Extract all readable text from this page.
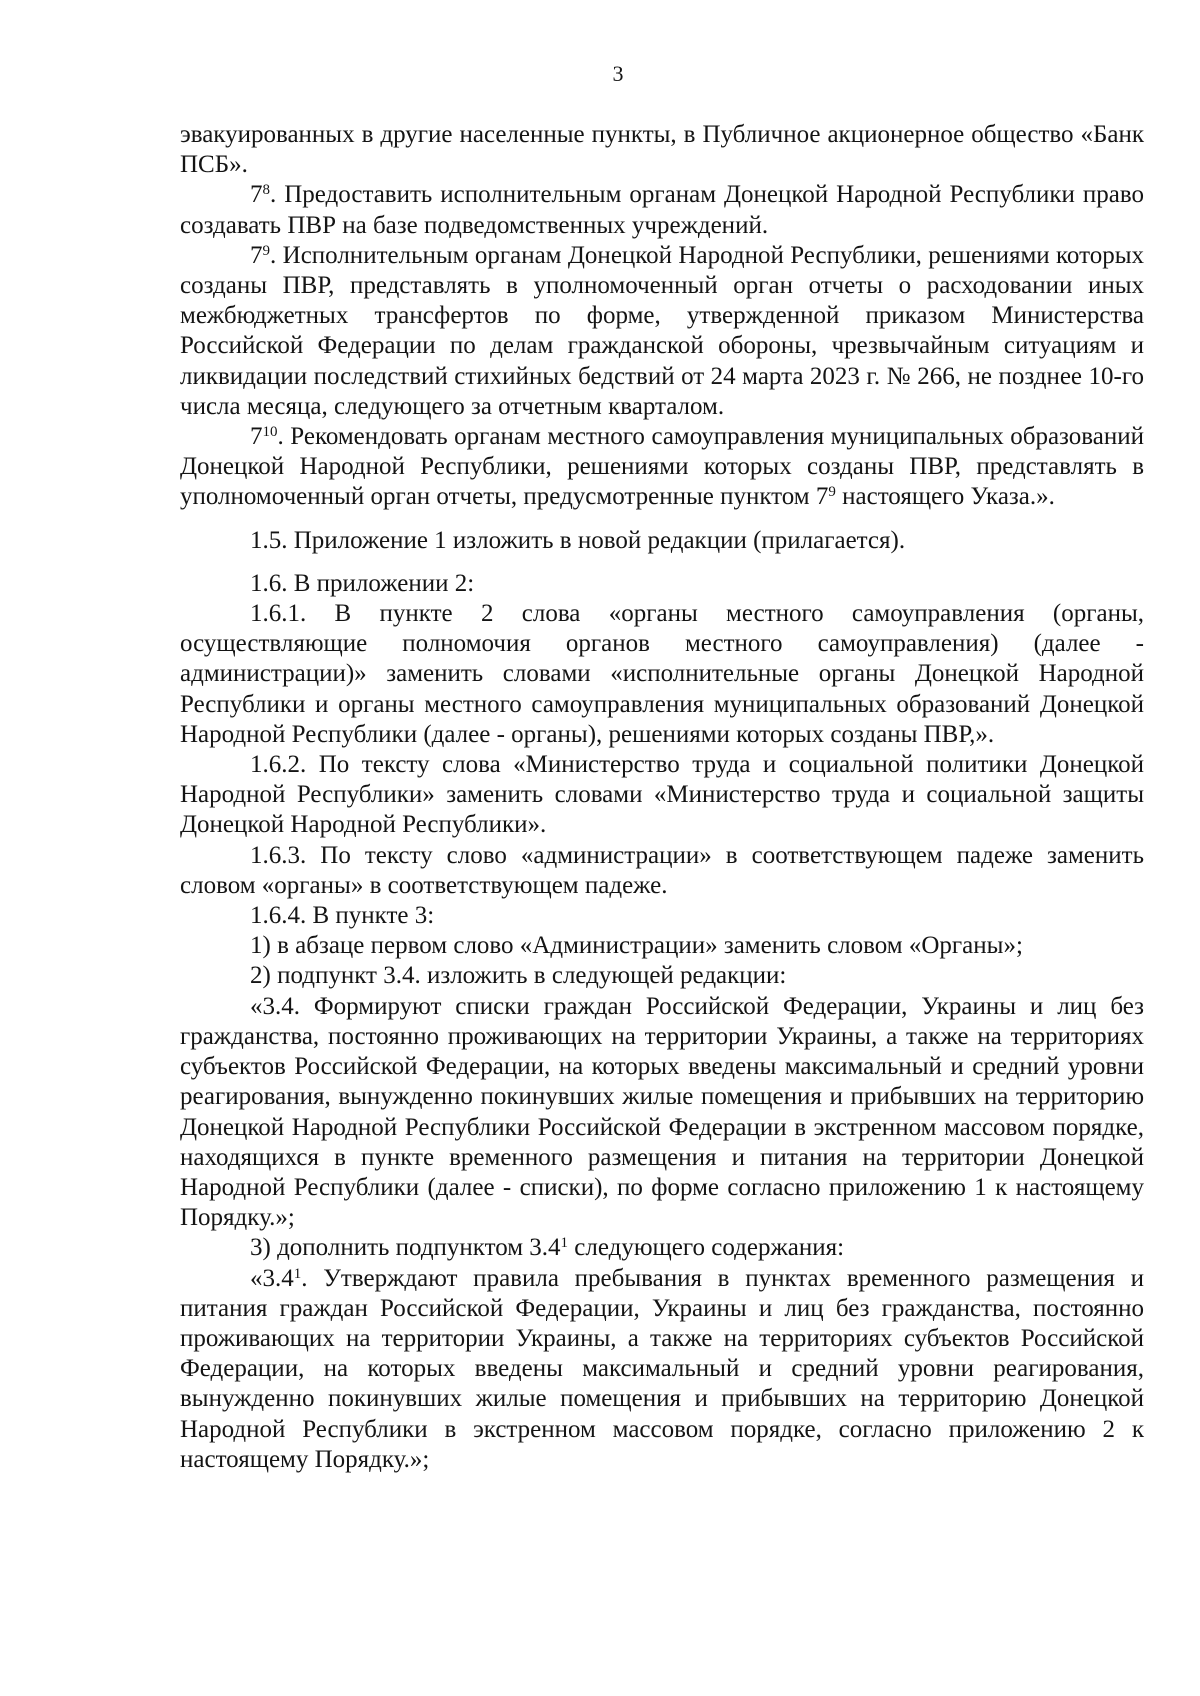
3

эвакуированных в другие населенные пункты, в Публичное акционерное общество «Банк ПСБ».

$7^8$. Предоставить исполнительным органам Донецкой Народной Республики право создавать ПВР на базе подведомственных учреждений.

$7^9$. Исполнительным органам Донецкой Народной Республики, решениями которых созданы ПВР, представлять в уполномоченный орган отчеты о расходовании иных межбюджетных трансфертов по форме, утвержденной приказом Министерства Российской Федерации по делам гражданской обороны, чрезвычайным ситуациям и ликвидации последствий стихийных бедствий от 24 марта 2023 г. № 266, не позднее 10-го числа месяца, следующего за отчетным кварталом.

$7^{10}$. Рекомендовать органам местного самоуправления муниципальных образований Донецкой Народной Республики, решениями которых созданы ПВР, представлять в уполномоченный орган отчеты, предусмотренные пунктом $7^9$ настоящего Указа.».

1.5. Приложение 1 изложить в новой редакции (прилагается).

1.6. В приложении 2:

1.6.1. В пункте 2 слова «органы местного самоуправления (органы, осуществляющие полномочия органов местного самоуправления) (далее - администрации)» заменить словами «исполнительные органы Донецкой Народной Республики и органы местного самоуправления муниципальных образований Донецкой Народной Республики (далее - органы), решениями которых созданы ПВР,».

1.6.2. По тексту слова «Министерство труда и социальной политики Донецкой Народной Республики» заменить словами «Министерство труда и социальной защиты Донецкой Народной Республики».

1.6.3. По тексту слово «администрации» в соответствующем падеже заменить словом «органы» в соответствующем падеже.

1.6.4. В пункте 3:

1) в абзаце первом слово «Администрации» заменить словом «Органы»;

2) подпункт 3.4. изложить в следующей редакции:

«3.4. Формируют списки граждан Российской Федерации, Украины и лиц без гражданства, постоянно проживающих на территории Украины, а также на территориях субъектов Российской Федерации, на которых введены максимальный и средний уровни реагирования, вынужденно покинувших жилые помещения и прибывших на территорию Донецкой Народной Республики Российской Федерации в экстренном массовом порядке, находящихся в пункте временного размещения и питания на территории Донецкой Народной Республики (далее - списки), по форме согласно приложению 1 к настоящему Порядку.»;

3) дополнить подпунктом $3.4^1$ следующего содержания:

«$3.4^1$. Утверждают правила пребывания в пунктах временного размещения и питания граждан Российской Федерации, Украины и лиц без гражданства, постоянно проживающих на территории Украины, а также на территориях субъектов Российской Федерации, на которых введены максимальный и средний уровни реагирования, вынужденно покинувших жилые помещения и прибывших на территорию Донецкой Народной Республики в экстренном массовом порядке, согласно приложению 2 к настоящему Порядку.»;
